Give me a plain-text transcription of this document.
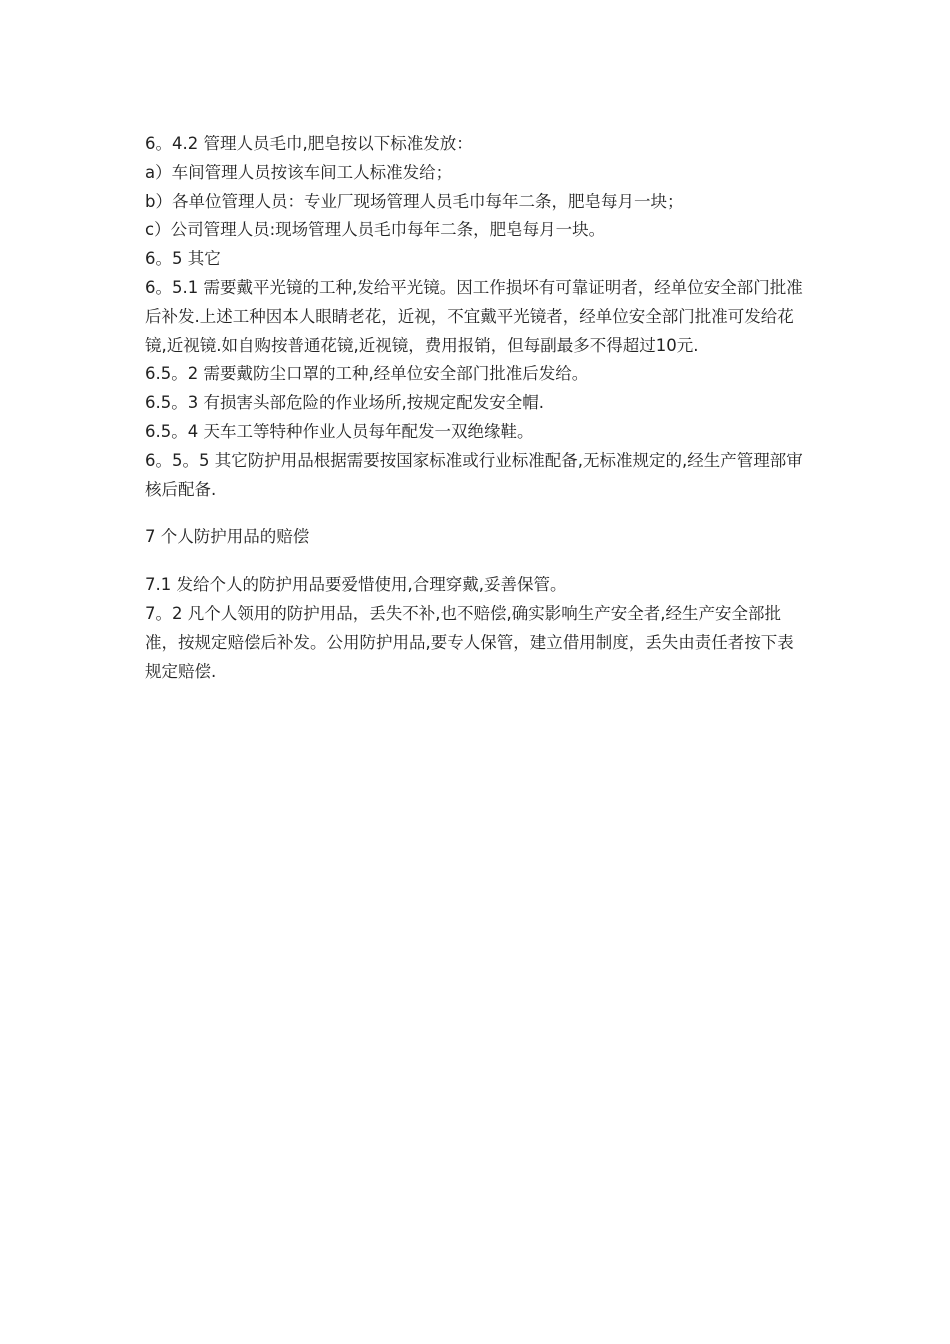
6。4.2 管理人员毛巾,肥皂按以下标准发放：

a）车间管理人员按该车间工人标准发给；

b）各单位管理人员：专业厂现场管理人员毛巾每年二条，肥皂每月一块；

c）公司管理人员:现场管理人员毛巾每年二条，肥皂每月一块。

6。5 其它

6。5.1 需要戴平光镜的工种,发给平光镜。因工作损坏有可靠证明者，经单位安全部门批准后补发.上述工种因本人眼睛老花，近视，不宜戴平光镜者，经单位安全部门批准可发给花镜,近视镜.如自购按普通花镜,近视镜，费用报销，但每副最多不得超过10元.

6.5。2 需要戴防尘口罩的工种,经单位安全部门批准后发给。

6.5。3 有损害头部危险的作业场所,按规定配发安全帽.

6.5。4 天车工等特种作业人员每年配发一双绝缘鞋。

6。5。5 其它防护用品根据需要按国家标准或行业标准配备,无标准规定的,经生产管理部审核后配备.

7 个人防护用品的赔偿

7.1 发给个人的防护用品要爱惜使用,合理穿戴,妥善保管。

7。2 凡个人领用的防护用品，丢失不补,也不赔偿,确实影响生产安全者,经生产安全部批准，按规定赔偿后补发。公用防护用品,要专人保管，建立借用制度，丢失由责任者按下表规定赔偿.
